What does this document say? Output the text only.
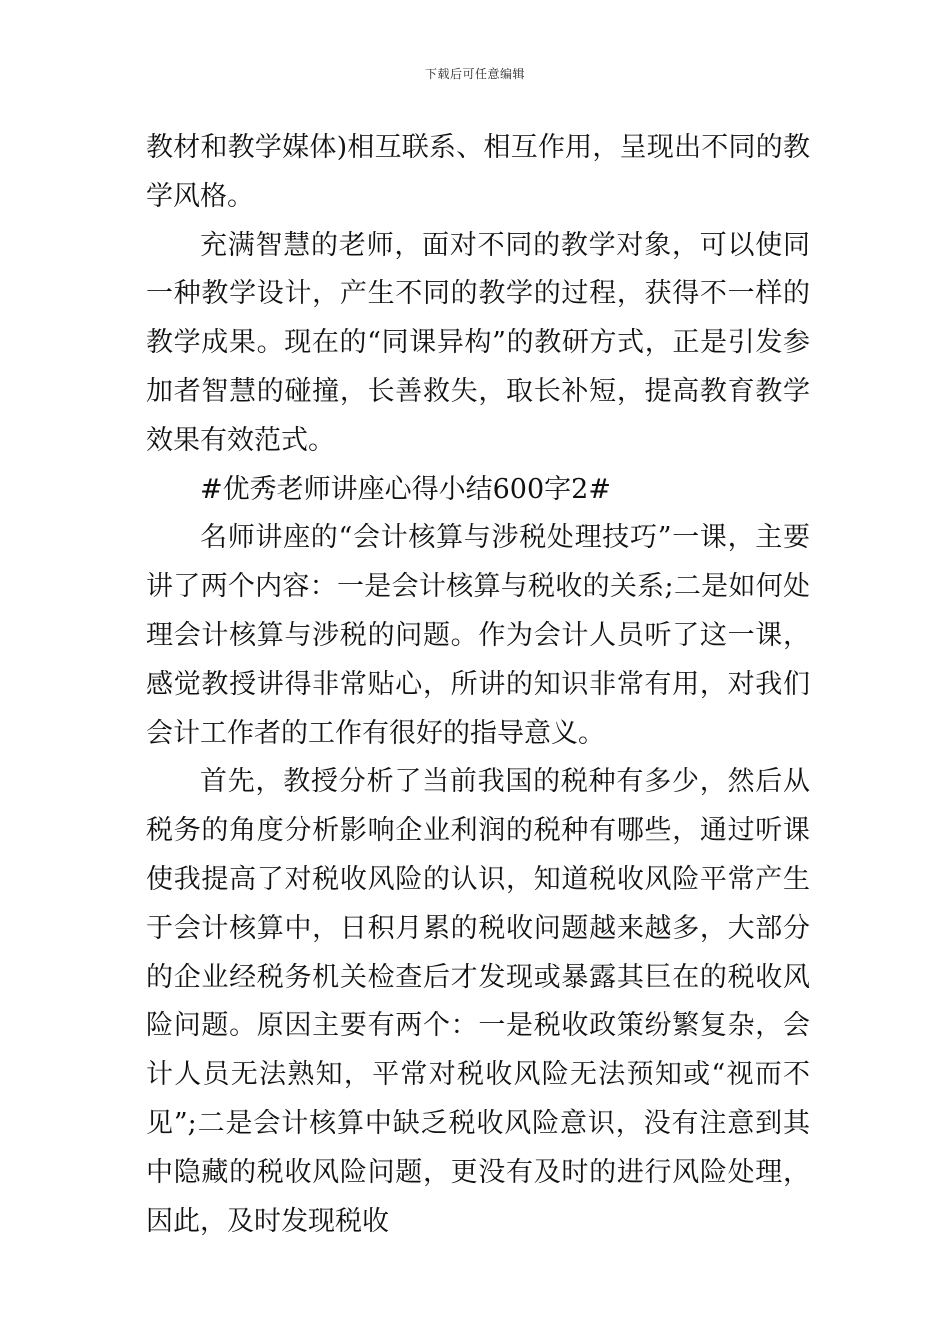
下载后可任意编辑

教材和教学媒体)相互联系、相互作用，呈现出不同的教学风格。

充满智慧的老师，面对不同的教学对象，可以使同一种教学设计，产生不同的教学的过程，获得不一样的教学成果。现在的“同课异构”的教研方式，正是引发参加者智慧的碰撞，长善救失，取长补短，提高教育教学效果有效范式。

#优秀老师讲座心得小结600字2#

名师讲座的“会计核算与涉税处理技巧”一课，主要讲了两个内容：一是会计核算与税收的关系;二是如何处理会计核算与涉税的问题。作为会计人员听了这一课，感觉教授讲得非常贴心，所讲的知识非常有用，对我们会计工作者的工作有很好的指导意义。

首先，教授分析了当前我国的税种有多少，然后从税务的角度分析影响企业利润的税种有哪些，通过听课使我提高了对税收风险的认识，知道税收风险平常产生于会计核算中，日积月累的税收问题越来越多，大部分的企业经税务机关检查后才发现或暴露其巨在的税收风险问题。原因主要有两个：一是税收政策纷繁复杂，会计人员无法熟知，平常对税收风险无法预知或“视而不见”;二是会计核算中缺乏税收风险意识，没有注意到其中隐藏的税收风险问题，更没有及时的进行风险处理，因此，及时发现税收
